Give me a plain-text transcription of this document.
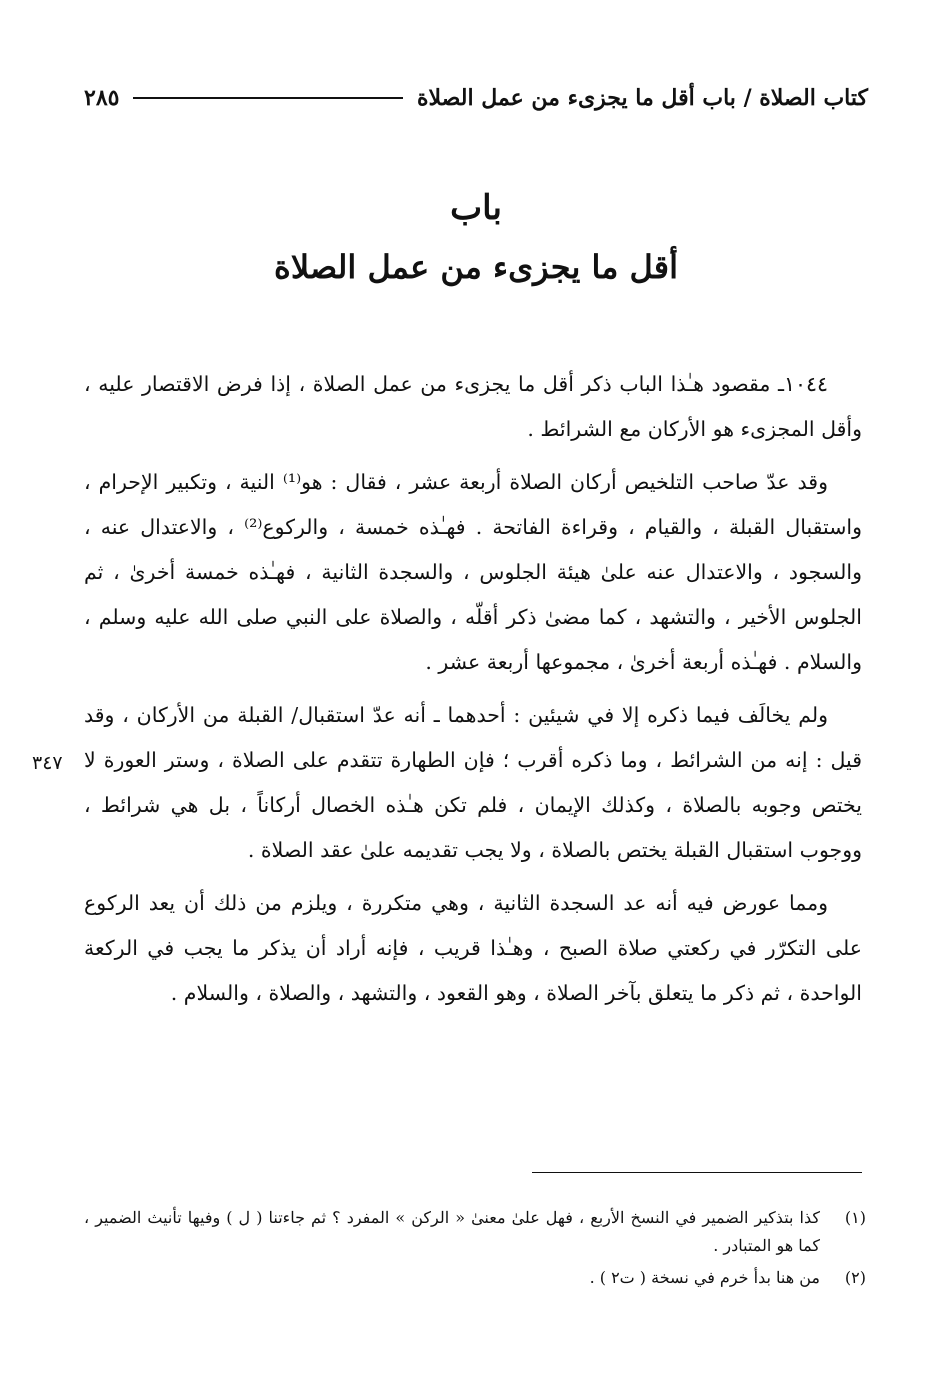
كتاب الصلاة / باب أقل ما يجزىء من عمل الصلاة
٢٨٥
باب
أقل ما يجزىء من عمل الصلاة

١٠٤٤ـ مقصود هـٰذا الباب ذكر أقل ما يجزىء من عمل الصلاة ، إذا فرض الاقتصار عليه ، وأقل المجزىء هو الأركان مع الشرائط .

وقد عدّ صاحب التلخيص أركان الصلاة أربعة عشر ، فقال : هو⁽¹⁾ النية ، وتكبير الإحرام ، واستقبال القبلة ، والقيام ، وقراءة الفاتحة . فهـٰذه خمسة ، والركوع⁽²⁾ ، والاعتدال عنه ، والسجود ، والاعتدال عنه علىٰ هيئة الجلوس ، والسجدة الثانية ، فهـٰذه خمسة أخرىٰ ، ثم الجلوس الأخير ، والتشهد ، كما مضىٰ ذكر أقلّه ، والصلاة على النبي صلى الله عليه وسلم ، والسلام . فهـٰذه أربعة أخرىٰ ، مجموعها أربعة عشر .

ولم يخالَف فيما ذكره إلا في شيئين : أحدهما ـ أنه عدّ استقبال/ القبلة من الأركان ، وقد قيل : إنه من الشرائط ، وما ذكره أقرب ؛ فإن الطهارة تتقدم على الصلاة ، وستر العورة لا يختص وجوبه بالصلاة ، وكذلك الإيمان ، فلم تكن هـٰذه الخصال أركاناً ، بل هي شرائط ، ووجوب استقبال القبلة يختص بالصلاة ، ولا يجب تقديمه علىٰ عقد الصلاة .

ومما عورض فيه أنه عد السجدة الثانية ، وهي متكررة ، ويلزم من ذلك أن يعد الركوع على التكرّر في ركعتي صلاة الصبح ، وهـٰذا قريب ، فإنه أراد أن يذكر ما يجب في الركعة الواحدة ، ثم ذكر ما يتعلق بآخر الصلاة ، وهو القعود ، والتشهد ، والصلاة ، والسلام .

٣٤٧
(١)
كذا بتذكير الضمير في النسخ الأربع ، فهل علىٰ معنىٰ « الركن » المفرد ؟ ثم جاءتنا ( ل ) وفيها تأنيث الضمير ، كما هو المتبادر .
(٢)
من هنا بدأ خرم في نسخة ( ت٢ ) .
